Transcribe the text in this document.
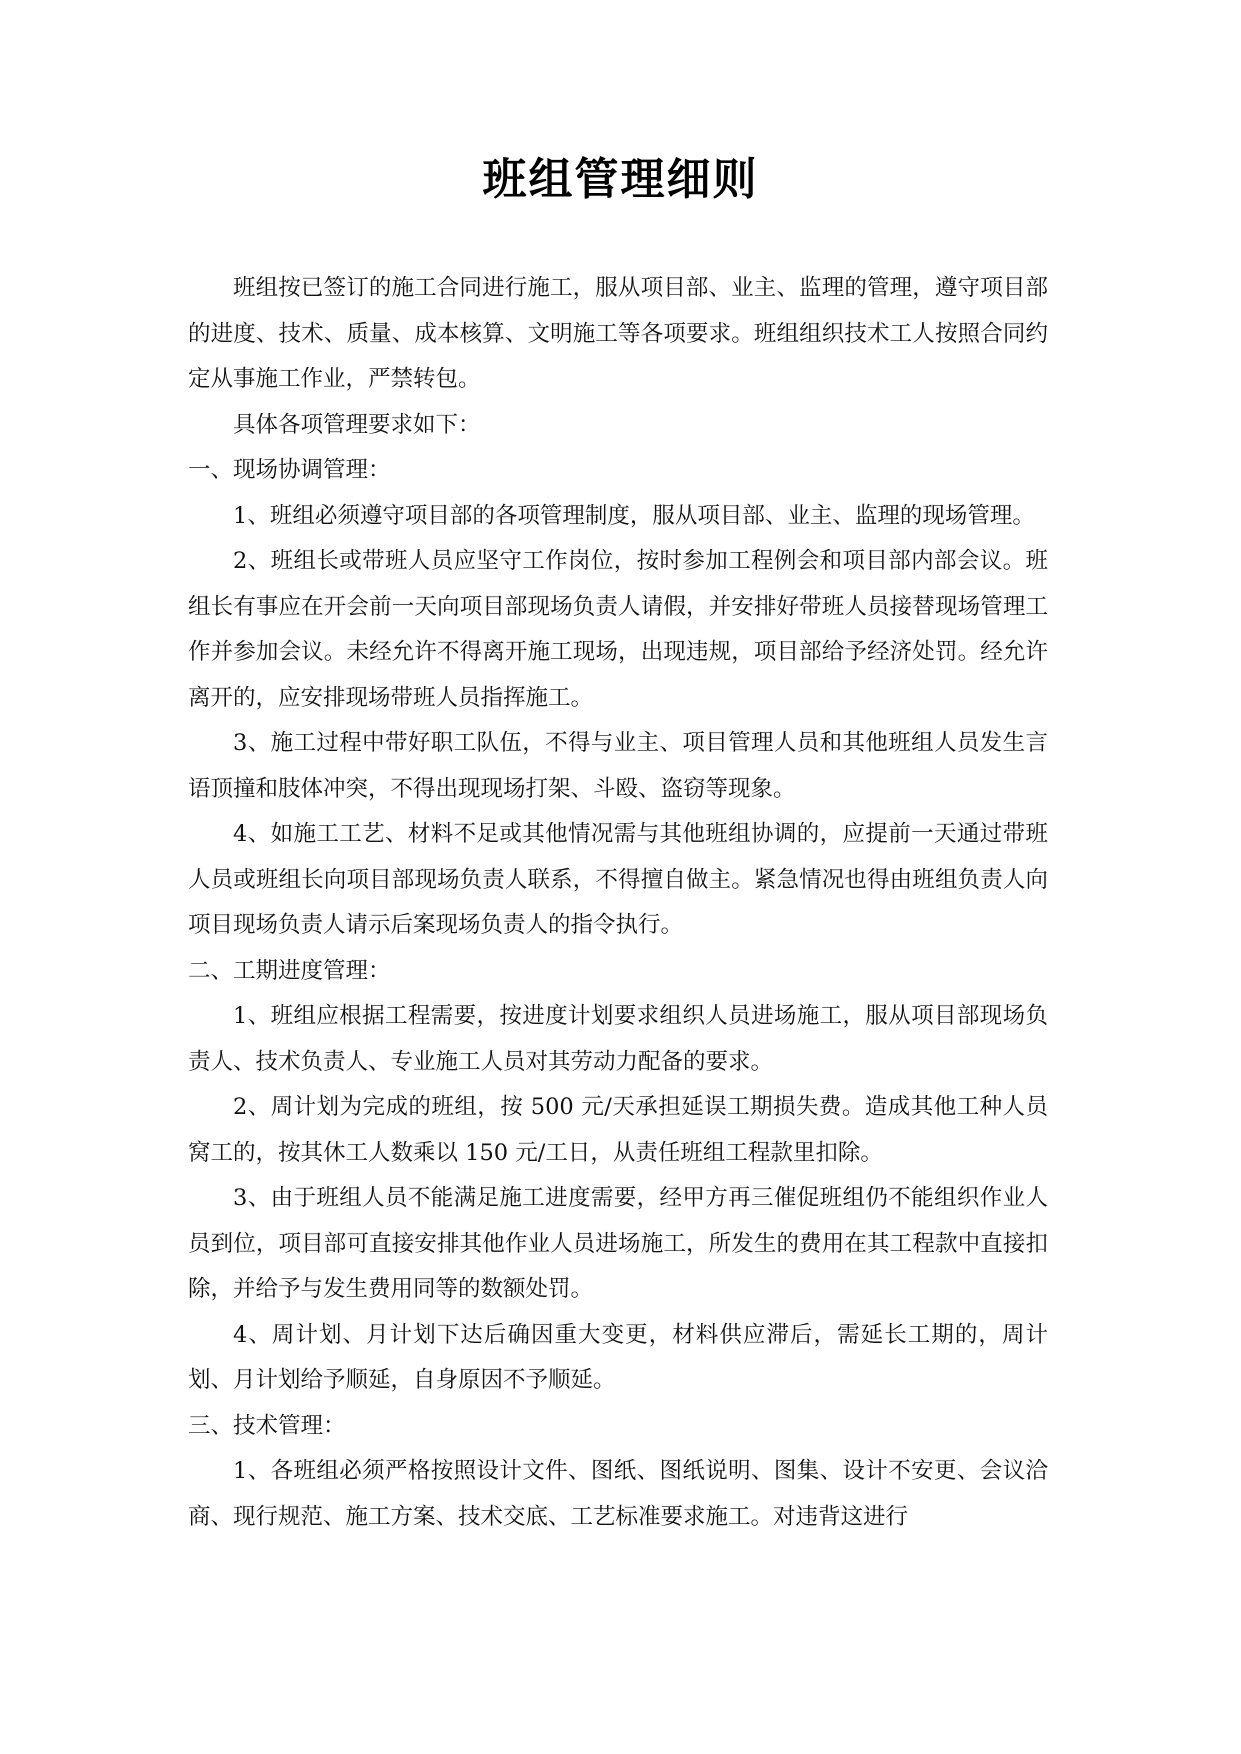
班组管理细则

班组按已签订的施工合同进行施工，服从项目部、业主、监理的管理，遵守项目部的进度、技术、质量、成本核算、文明施工等各项要求。班组组织技术工人按照合同约定从事施工作业，严禁转包。

具体各项管理要求如下：

一、现场协调管理：

1、班组必须遵守项目部的各项管理制度，服从项目部、业主、监理的现场管理。

2、班组长或带班人员应坚守工作岗位，按时参加工程例会和项目部内部会议。班组长有事应在开会前一天向项目部现场负责人请假，并安排好带班人员接替现场管理工作并参加会议。未经允许不得离开施工现场，出现违规，项目部给予经济处罚。经允许离开的，应安排现场带班人员指挥施工。

3、施工过程中带好职工队伍，不得与业主、项目管理人员和其他班组人员发生言语顶撞和肢体冲突，不得出现现场打架、斗殴、盗窃等现象。

4、如施工工艺、材料不足或其他情况需与其他班组协调的，应提前一天通过带班人员或班组长向项目部现场负责人联系，不得擅自做主。紧急情况也得由班组负责人向项目现场负责人请示后案现场负责人的指令执行。

二、工期进度管理：

1、班组应根据工程需要，按进度计划要求组织人员进场施工，服从项目部现场负责人、技术负责人、专业施工人员对其劳动力配备的要求。

2、周计划为完成的班组，按 500 元/天承担延误工期损失费。造成其他工种人员窝工的，按其休工人数乘以 150 元/工日，从责任班组工程款里扣除。

3、由于班组人员不能满足施工进度需要，经甲方再三催促班组仍不能组织作业人员到位，项目部可直接安排其他作业人员进场施工，所发生的费用在其工程款中直接扣除，并给予与发生费用同等的数额处罚。

4、周计划、月计划下达后确因重大变更，材料供应滞后，需延长工期的，周计划、月计划给予顺延，自身原因不予顺延。

三、技术管理：

1、各班组必须严格按照设计文件、图纸、图纸说明、图集、设计不安更、会议洽商、现行规范、施工方案、技术交底、工艺标准要求施工。对违背这进行
